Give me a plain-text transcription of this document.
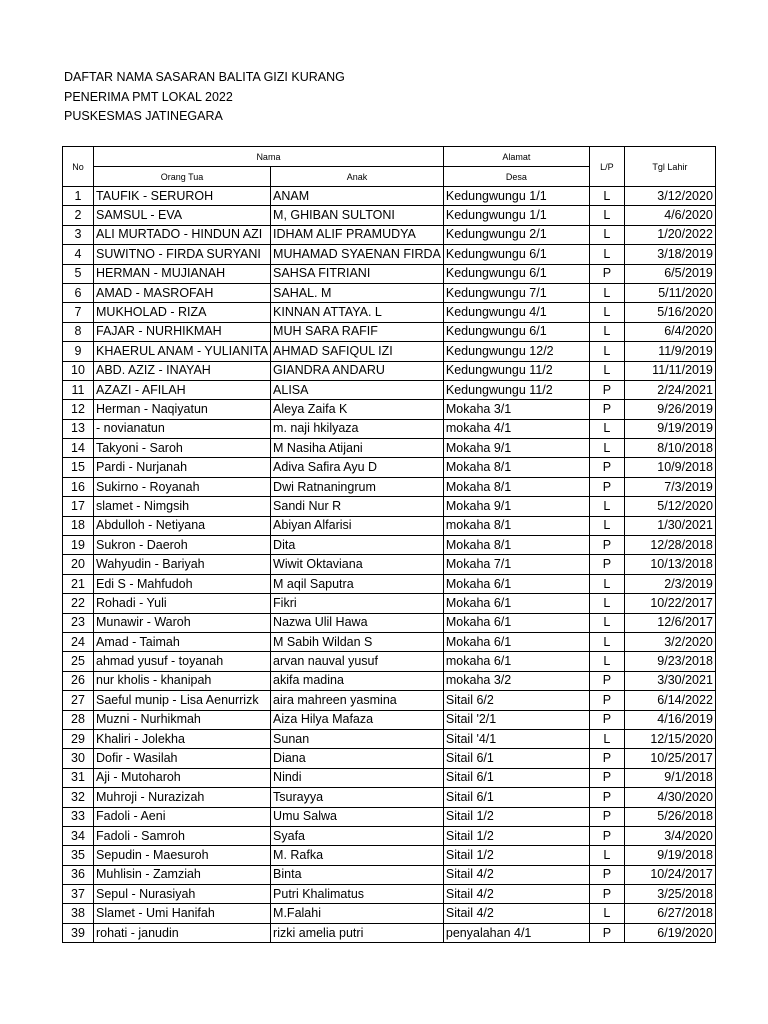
DAFTAR NAMA SASARAN BALITA GIZI KURANG
PENERIMA PMT LOKAL 2022
PUSKESMAS JATINEGARA
No	Nama		Alamat	L/P	Tgl Lahir
	Orang Tua	Anak	Desa		
1	TAUFIK - SERUROH	ANAM	Kedungwungu 1/1	L	3/12/2020
2	SAMSUL - EVA	M, GHIBAN SULTONI	Kedungwungu 1/1	L	4/6/2020
3	ALI MURTADO - HINDUN AZI	IDHAM ALIF PRAMUDYA	Kedungwungu 2/1	L	1/20/2022
4	SUWITNO - FIRDA SURYANI	MUHAMAD SYAENAN FIRDA	Kedungwungu 6/1	L	3/18/2019
5	HERMAN - MUJIANAH	SAHSA FITRIANI	Kedungwungu 6/1	P	6/5/2019
6	AMAD - MASROFAH	SAHAL. M	Kedungwungu 7/1	L	5/11/2020
7	MUKHOLAD - RIZA	KINNAN ATTAYA. L	Kedungwungu 4/1	L	5/16/2020
8	FAJAR - NURHIKMAH	MUH SARA RAFIF	Kedungwungu 6/1	L	6/4/2020
9	KHAERUL ANAM - YULIANITA	AHMAD SAFIQUL IZI	Kedungwungu 12/2	L	11/9/2019
10	ABD. AZIZ - INAYAH	GIANDRA ANDARU	Kedungwungu 11/2	L	11/11/2019
11	AZAZI - AFILAH	ALISA	Kedungwungu 11/2	P	2/24/2021
12	Herman - Naqiyatun	Aleya Zaifa K	Mokaha 3/1	P	9/26/2019
13	- novianatun	m. naji hkilyaza	mokaha 4/1	L	9/19/2019
14	Takyoni - Saroh	M Nasiha Atijani	Mokaha 9/1	L	8/10/2018
15	Pardi - Nurjanah	Adiva Safira Ayu D	Mokaha 8/1	P	10/9/2018
16	Sukirno - Royanah	Dwi Ratnaningrum	Mokaha 8/1	P	7/3/2019
17	slamet - Nimgsih	Sandi Nur R	Mokaha 9/1	L	5/12/2020
18	Abdulloh - Netiyana	Abiyan Alfarisi	mokaha 8/1	L	1/30/2021
19	Sukron - Daeroh	Dita	Mokaha 8/1	P	12/28/2018
20	Wahyudin - Bariyah	Wiwit Oktaviana	Mokaha 7/1	P	10/13/2018
21	Edi S - Mahfudoh	M aqil Saputra	Mokaha 6/1	L	2/3/2019
22	Rohadi - Yuli	Fikri	Mokaha 6/1	L	10/22/2017
23	Munawir - Waroh	Nazwa Ulil Hawa	Mokaha 6/1	L	12/6/2017
24	Amad - Taimah	M Sabih Wildan S	Mokaha 6/1	L	3/2/2020
25	ahmad yusuf - toyanah	arvan nauval yusuf	mokaha 6/1	L	9/23/2018
26	nur kholis - khanipah	akifa madina	mokaha 3/2	P	3/30/2021
27	Saeful munip - Lisa Aenurrizk	aira mahreen yasmina	Sitail 6/2	P	6/14/2022
28	Muzni - Nurhikmah	Aiza Hilya Mafaza	Sitail '2/1	P	4/16/2019
29	Khaliri - Jolekha	Sunan	Sitail '4/1	L	12/15/2020
30	Dofir - Wasilah	Diana	Sitail 6/1	P	10/25/2017
31	Aji - Mutoharoh	Nindi	Sitail 6/1	P	9/1/2018
32	Muhroji - Nurazizah	Tsurayya	Sitail 6/1	P	4/30/2020
33	Fadoli - Aeni	Umu Salwa	Sitail 1/2	P	5/26/2018
34	Fadoli - Samroh	Syafa	Sitail 1/2	P	3/4/2020
35	Sepudin - Maesuroh	M. Rafka	Sitail 1/2	L	9/19/2018
36	Muhlisin - Zamziah	Binta	Sitail 4/2	P	10/24/2017
37	Sepul - Nurasiyah	Putri Khalimatus	Sitail 4/2	P	3/25/2018
38	Slamet - Umi Hanifah	M.Falahi	Sitail 4/2	L	6/27/2018
39	rohati - janudin	rizki amelia putri	penyalahan 4/1	P	6/19/2020
